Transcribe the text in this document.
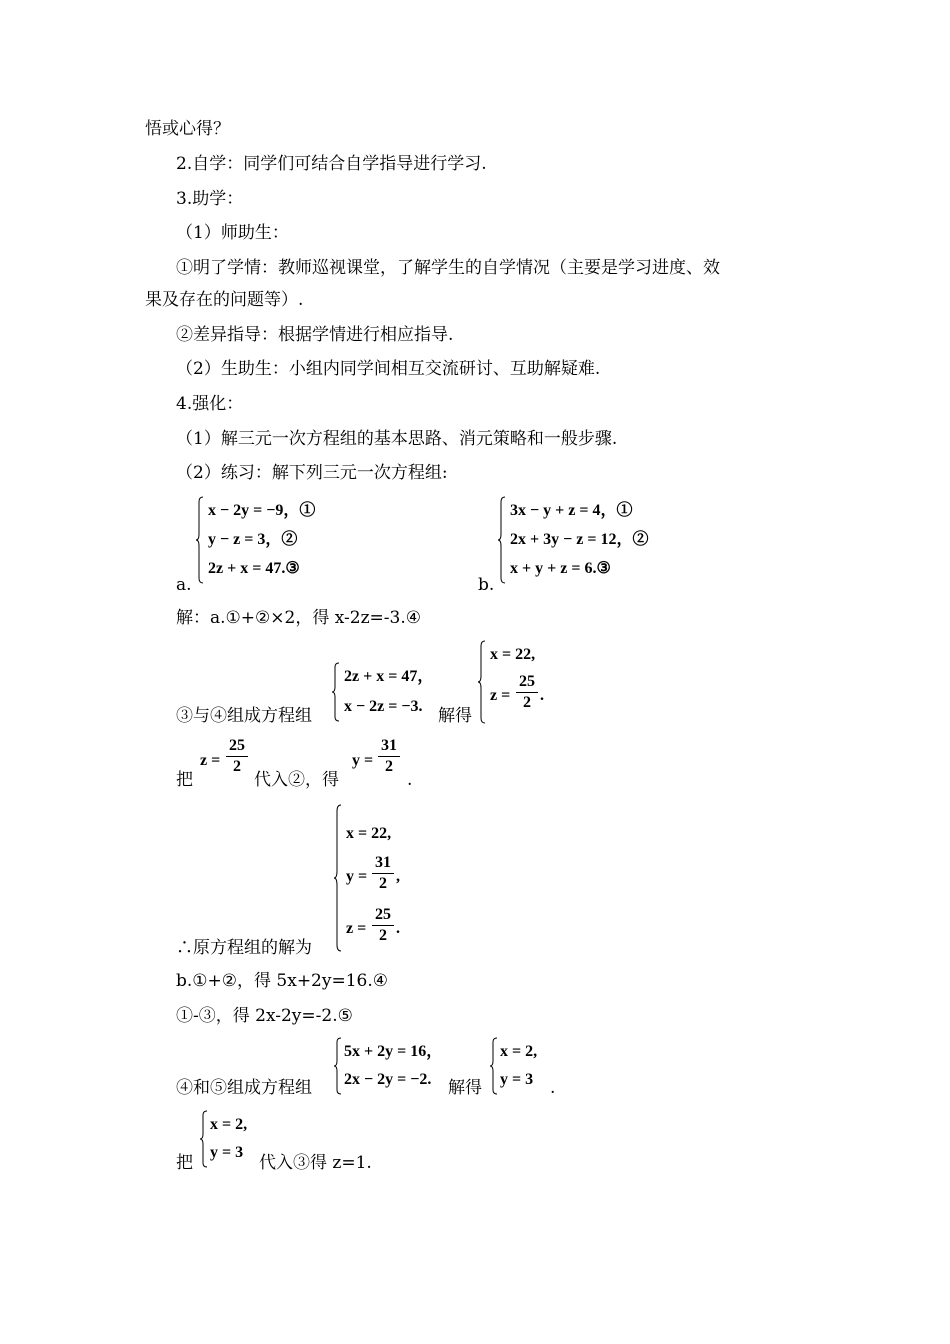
悟或心得？
2.自学：同学们可结合自学指导进行学习.
3.助学：
（1）师助生：
①明了学情：教师巡视课堂，了解学生的自学情况（主要是学习进度、效
果及存在的问题等）.
②差异指导：根据学情进行相应指导.
（2）生助生：小组内同学间相互交流研讨、互助解疑难.
4.强化：
（1）解三元一次方程组的基本思路、消元策略和一般步骤.
（2）练习：解下列三元一次方程组:
a.
x − 2y = −9，①
y − z = 3，②
2z + x = 47.③
b.
3x − y + z = 4，①
2x + 3y − z = 12，②
x + y + z = 6.③
解：a.①+②×2，得 x-2z=-3.④
③与④组成方程组
2z + x = 47，
x − 2z = −3. 解得
x = 22,
z =
25
2 .
把
z =
25
2
代入②，得
y =
31
2
.
∴原方程组的解为
x = 22,
y =
31
2 ,
z =
25
2 .
b.①+②，得 5x+2y=16.④
①-③，得 2x-2y=-2.⑤
④和⑤组成方程组
5x + 2y = 16，
2x − 2y = −2. 解得
x = 2,
y = 3 .
把
x = 2,
y = 3
代入③得 z=1.
